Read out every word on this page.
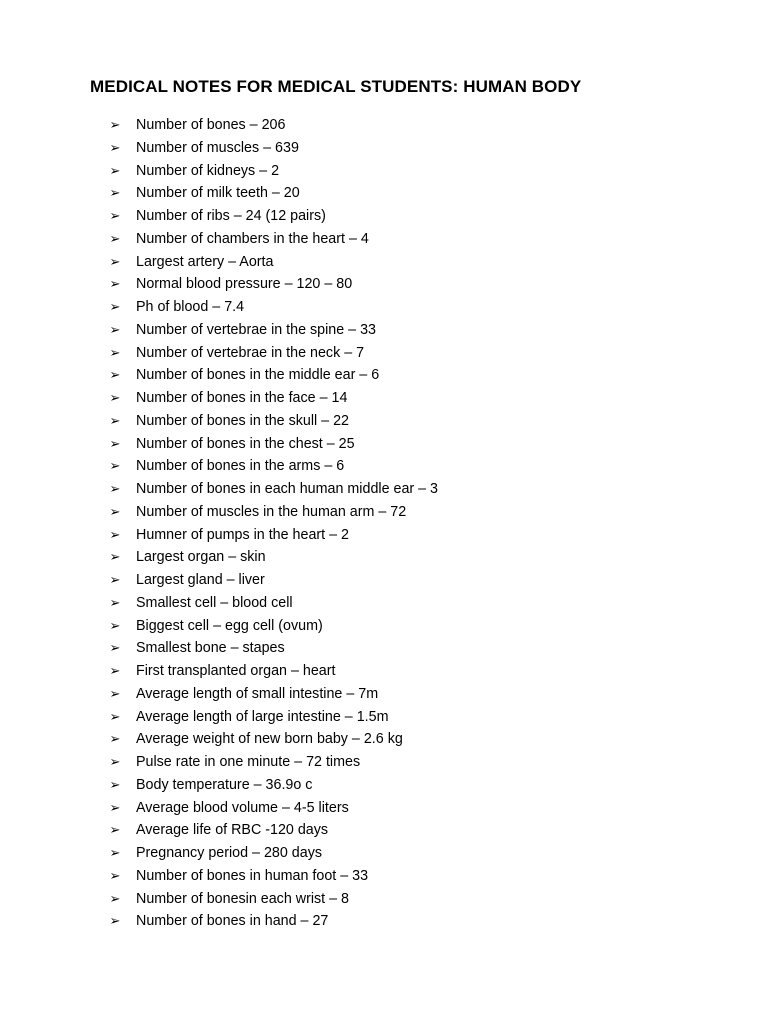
MEDICAL NOTES FOR MEDICAL STUDENTS: HUMAN BODY
➢ Number of bones – 206
➢ Number of muscles – 639
➢ Number of kidneys – 2
➢ Number of milk teeth – 20
➢ Number of ribs – 24 (12 pairs)
➢ Number of chambers in the heart – 4
➢ Largest artery – Aorta
➢ Normal blood pressure – 120 – 80
➢ Ph of blood – 7.4
➢ Number of vertebrae in the spine – 33
➢ Number of vertebrae in the neck – 7
➢ Number of bones in the middle ear – 6
➢ Number of bones in the face – 14
➢ Number of bones in the skull – 22
➢ Number of bones in the chest – 25
➢ Number of bones in the arms – 6
➢ Number of bones in each human middle ear – 3
➢ Number of muscles in the human arm – 72
➢ Humner of pumps in the heart – 2
➢ Largest organ – skin
➢ Largest gland – liver
➢ Smallest cell – blood cell
➢ Biggest cell – egg cell (ovum)
➢ Smallest bone – stapes
➢ First transplanted organ – heart
➢ Average length of small intestine – 7m
➢ Average length of large intestine – 1.5m
➢ Average weight of new born baby – 2.6 kg
➢ Pulse rate in one minute – 72 times
➢ Body temperature – 36.9o c
➢ Average blood volume – 4-5 liters
➢ Average life of RBC -120 days
➢ Pregnancy period – 280 days
➢ Number of bones in human foot – 33
➢ Number of bonesin each wrist – 8
➢ Number of bones in hand – 27
